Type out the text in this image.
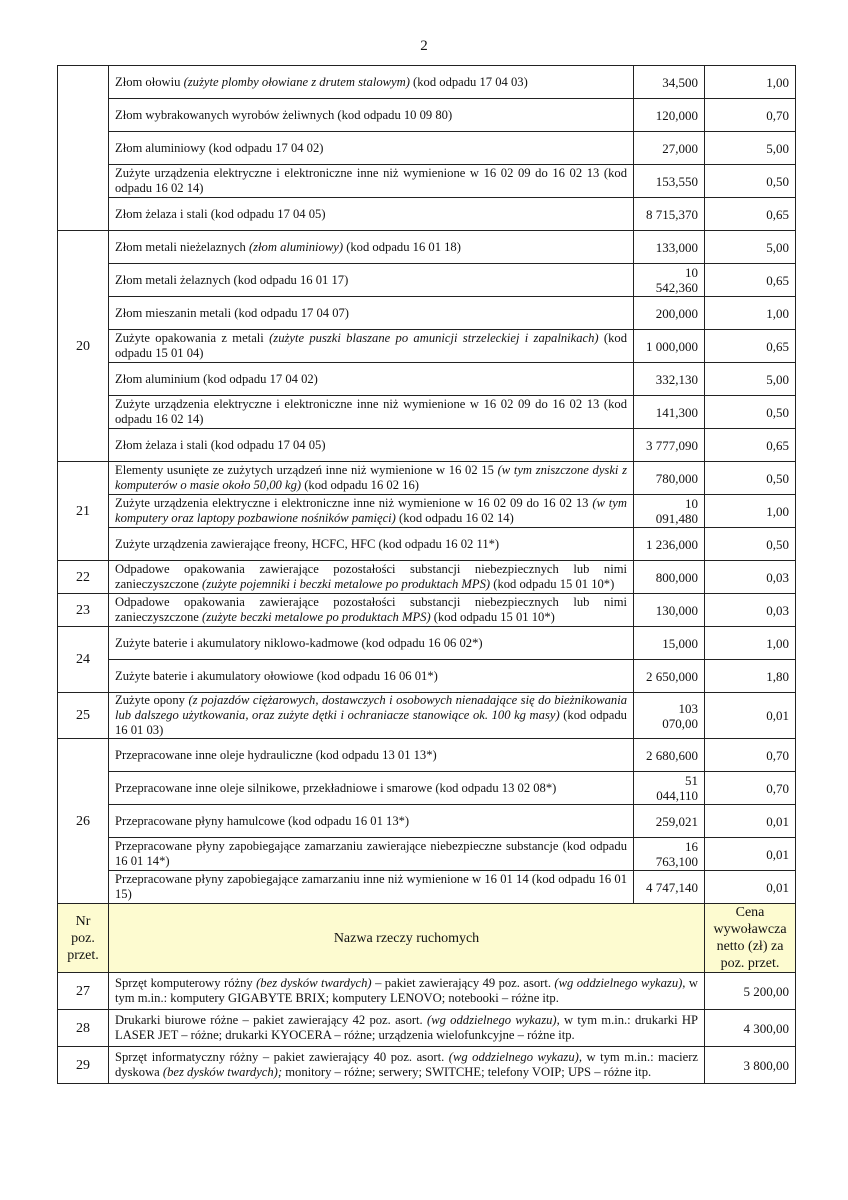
2
	Złom ołowiu (zużyte plomby ołowiane z drutem stalowym) (kod odpadu 17 04 03)	34,500	1,00
	Złom wybrakowanych wyrobów żeliwnych (kod odpadu 10 09 80)	120,000	0,70
	Złom aluminiowy (kod odpadu 17 04 02)	27,000	5,00
	Zużyte urządzenia elektryczne i elektroniczne inne niż wymienione w 16 02 09 do 16 02 13 (kod odpadu 16 02 14)	153,550	0,50
	Złom żelaza i stali (kod odpadu 17 04 05)	8 715,370	0,65
20	Złom metali nieżelaznych (złom aluminiowy) (kod odpadu 16 01 18)	133,000	5,00
	Złom metali żelaznych (kod odpadu 16 01 17)	10 542,360	0,65
	Złom mieszanin metali (kod odpadu 17 04 07)	200,000	1,00
	Zużyte opakowania z metali (zużyte puszki blaszane po amunicji strzeleckiej i zapalnikach) (kod odpadu 15 01 04)	1 000,000	0,65
	Złom aluminium (kod odpadu 17 04 02)	332,130	5,00
	Zużyte urządzenia elektryczne i elektroniczne inne niż wymienione w 16 02 09 do 16 02 13 (kod odpadu 16 02 14)	141,300	0,50
	Złom żelaza i stali (kod odpadu 17 04 05)	3 777,090	0,65
21	Elementy usunięte ze zużytych urządzeń inne niż wymienione w 16 02 15 (w tym zniszczone dyski z komputerów o masie około 50,00 kg) (kod odpadu 16 02 16)	780,000	0,50
	Zużyte urządzenia elektryczne i elektroniczne inne niż wymienione w 16 02 09 do 16 02 13 (w tym komputery oraz laptopy pozbawione nośników pamięci) (kod odpadu 16 02 14)	10 091,480	1,00
	Zużyte urządzenia zawierające freony, HCFC, HFC (kod odpadu 16 02 11*)	1 236,000	0,50
22	Odpadowe opakowania zawierające pozostałości substancji niebezpiecznych lub nimi zanieczyszczone (zużyte pojemniki i beczki metalowe po produktach MPS) (kod odpadu 15 01 10*)	800,000	0,03
23	Odpadowe opakowania zawierające pozostałości substancji niebezpiecznych lub nimi zanieczyszczone (zużyte beczki metalowe po produktach MPS) (kod odpadu 15 01 10*)	130,000	0,03
24	Zużyte baterie i akumulatory niklowo-kadmowe (kod odpadu 16 06 02*)	15,000	1,00
	Zużyte baterie i akumulatory ołowiowe (kod odpadu 16 06 01*)	2 650,000	1,80
25	Zużyte opony (z pojazdów ciężarowych, dostawczych i osobowych nienadające się do bieżnikowania lub dalszego użytkowania, oraz zużyte dętki i ochraniacze stanowiące ok. 100 kg masy) (kod odpadu 16 01 03)	103 070,00	0,01
26	Przepracowane inne oleje hydrauliczne (kod odpadu 13 01 13*)	2 680,600	0,70
	Przepracowane inne oleje silnikowe, przekładniowe i smarowe (kod odpadu 13 02 08*)	51 044,110	0,70
	Przepracowane płyny hamulcowe (kod odpadu 16 01 13*)	259,021	0,01
	Przepracowane płyny zapobiegające zamarzaniu zawierające niebezpieczne substancje (kod odpadu 16 01 14*)	16 763,100	0,01
	Przepracowane płyny zapobiegające zamarzaniu inne niż wymienione w 16 01 14 (kod odpadu 16 01 15)	4 747,140	0,01
Nr poz. przet.	Nazwa rzeczy ruchomych		Cena wywoławcza netto (zł) za poz. przet.
27	Sprzęt komputerowy różny (bez dysków twardych) – pakiet zawierający 49 poz. asort. (wg oddzielnego wykazu), w tym m.in.: komputery GIGABYTE BRIX; komputery LENOVO; notebooki – różne itp.		5 200,00
28	Drukarki biurowe różne – pakiet zawierający 42 poz. asort. (wg oddzielnego wykazu), w tym m.in.: drukarki HP LASER JET – różne; drukarki KYOCERA – różne; urządzenia wielofunkcyjne – różne itp.		4 300,00
29	Sprzęt informatyczny różny – pakiet zawierający 40 poz. asort. (wg oddzielnego wykazu), w tym m.in.: macierz dyskowa (bez dysków twardych); monitory – różne; serwery; SWITCHE; telefony VOIP; UPS – różne itp.		3 800,00
